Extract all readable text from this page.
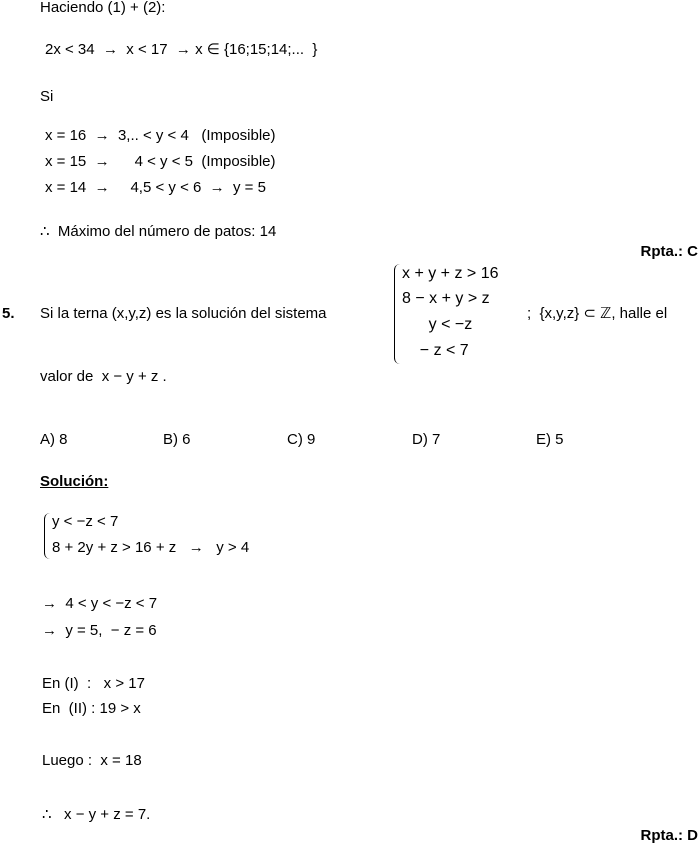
Haciendo (1) + (2):
2x < 34  →  x < 17  → x ∈ {16;15;14;...  }
Si
x = 16  →  3,.. < y < 4   (Imposible)
x = 15  →      4 < y < 5  (Imposible)
x = 14  →     4,5 < y < 6  →  y = 5
∴  Máximo del número de patos: 14
Rpta.: C
5. Si la terna (x,y,z) es la solución del sistema
x + y + z > 16
8 − x + y > z
y < −z
− z < 7
;  {x,y,z} ⊂ ℤ, halle el
valor de  x − y + z .
A) 8	B) 6	C) 9	D) 7	E) 5
Solución:
y < −z < 7
8 + 2y + z > 16 + z   →   y > 4
→  4 < y < −z < 7
→  y = 5,  − z = 6
En (I)  :   x > 17
En  (II) : 19 > x
Luego :  x = 18
∴   x − y + z = 7.
Rpta.: D
